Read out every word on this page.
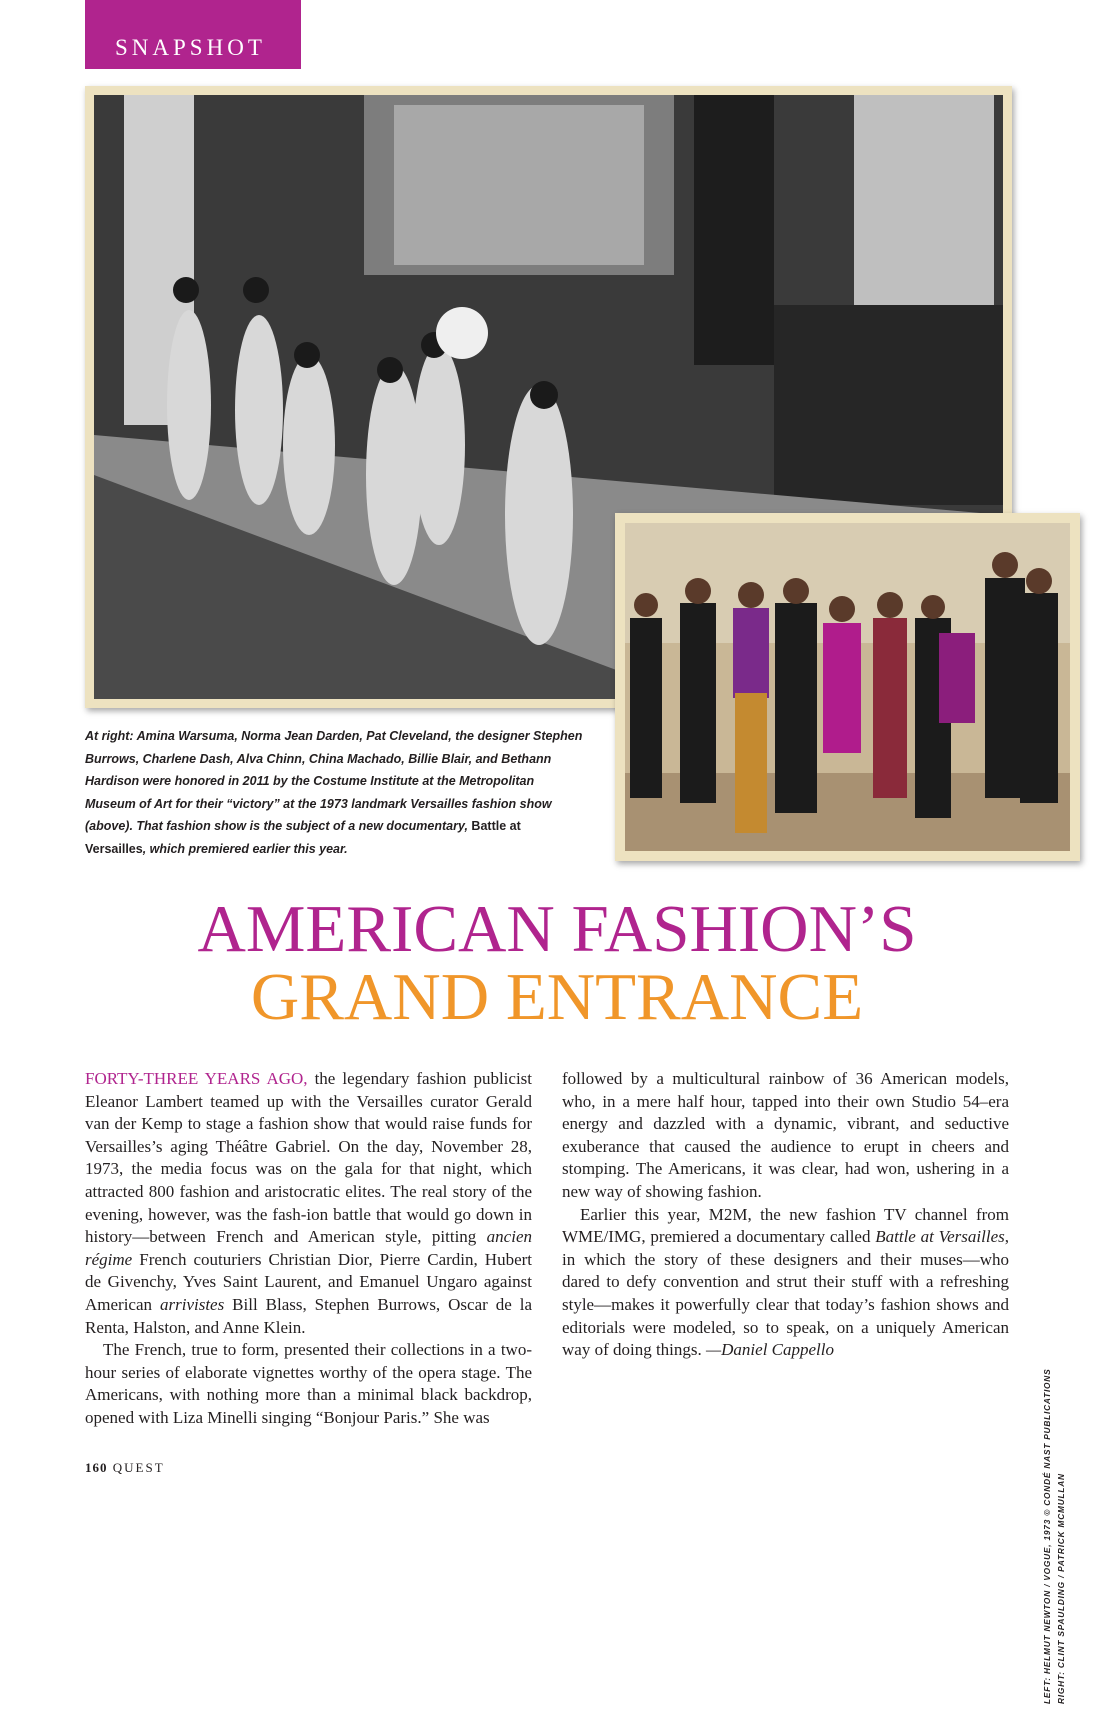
SNAPSHOT
At right: Amina Warsuma, Norma Jean Darden, Pat Cleveland, the designer Stephen Burrows, Charlene Dash, Alva Chinn, China Machado, Billie Blair, and Bethann Hardison were honored in 2011 by the Costume Institute at the Metropolitan Museum of Art for their “victory” at the 1973 landmark Versailles fashion show (above). That fashion show is the subject of a new documentary, Battle at Versailles, which premiered earlier this year.
AMERICAN FASHION’S
GRAND ENTRANCE

FORTY-THREE YEARS AGO, the legendary fashion publicist Eleanor Lambert teamed up with the Versailles curator Gerald van der Kemp to stage a fashion show that would raise funds for Versailles’s aging Théâtre Gabriel. On the day, November 28, 1973, the media focus was on the gala for that night, which attracted 800 fashion and aristocratic elites. The real story of the evening, however, was the fash-ion battle that would go down in history—between French and American style, pitting ancien régime French couturiers Christian Dior, Pierre Cardin, Hubert de Givenchy, Yves Saint Laurent, and Emanuel Ungaro against American arrivistes Bill Blass, Stephen Burrows, Oscar de la Renta, Halston, and Anne Klein.

The French, true to form, presented their collections in a two-hour series of elaborate vignettes worthy of the opera stage. The Americans, with nothing more than a minimal black backdrop, opened with Liza Minelli singing “Bonjour Paris.” She was

followed by a multicultural rainbow of 36 American models, who, in a mere half hour, tapped into their own Studio 54–era energy and dazzled with a dynamic, vibrant, and seductive exuberance that caused the audience to erupt in cheers and stomping. The Americans, it was clear, had won, ushering in a new way of showing fashion.

Earlier this year, M2M, the new fashion TV channel from WME/IMG, premiered a documentary called Battle at Versailles, in which the story of these designers and their muses—who dared to defy convention and strut their stuff with a refreshing style—makes it powerfully clear that today’s fashion shows and editorials were modeled, so to speak, on a uniquely American way of doing things. —Daniel Cappello

LEFT: HELMUT NEWTON / VOGUE, 1973 © CONDÉ NAST PUBLICATIONS RIGHT: CLINT SPAULDING / PATRICK MCMULLAN
160 QUEST
